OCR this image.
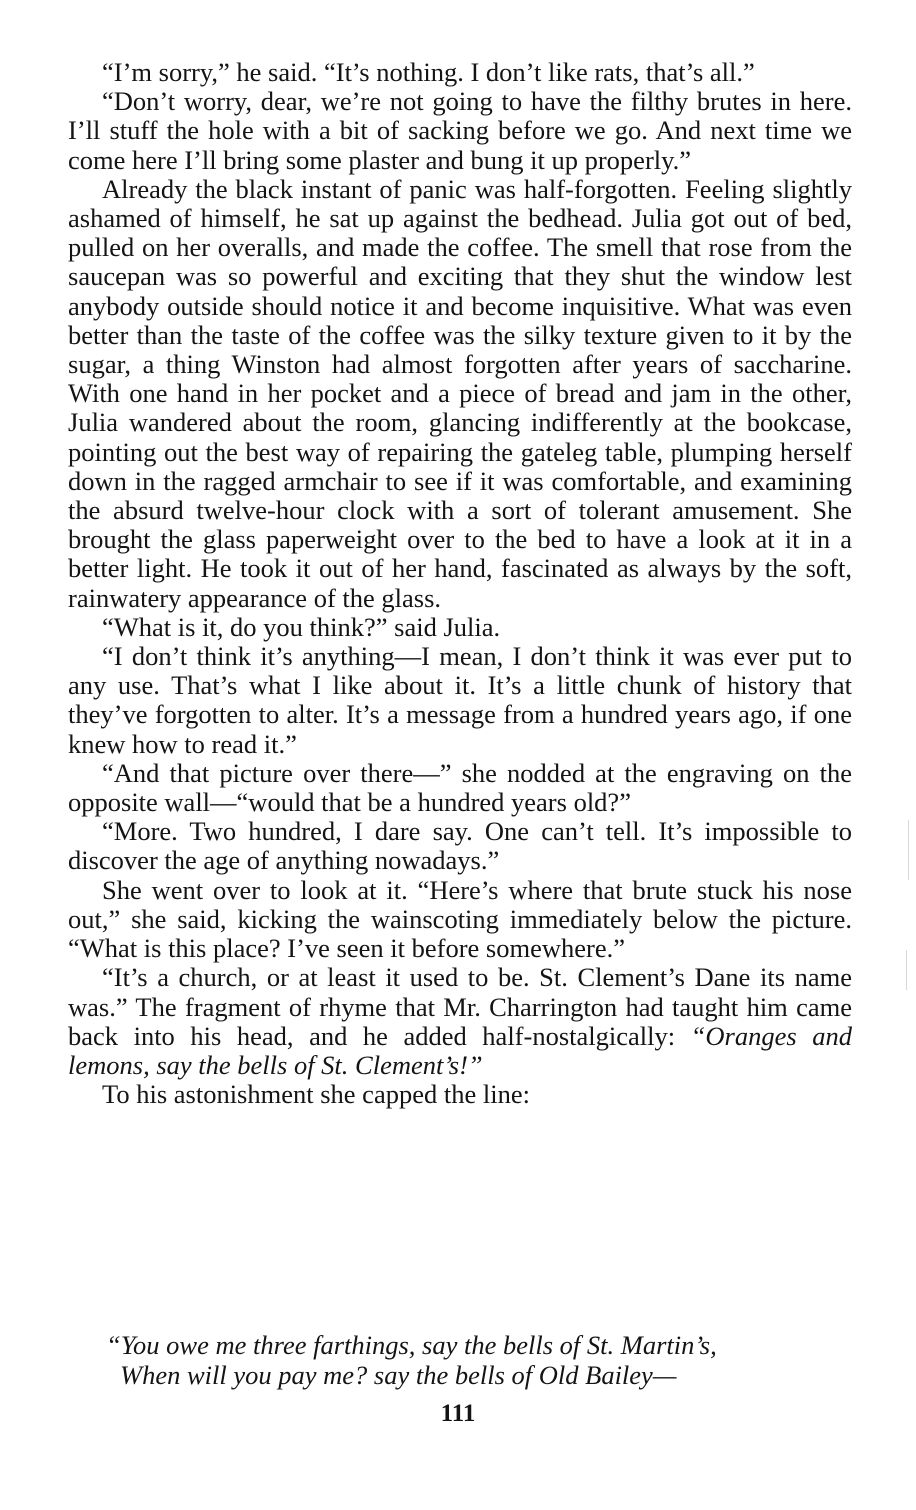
“I’m sorry,” he said. “It’s nothing. I don’t like rats, that’s all.”

“Don’t worry, dear, we’re not going to have the filthy brutes in here. I’ll stuff the hole with a bit of sacking before we go. And next time we come here I’ll bring some plaster and bung it up properly.”

Already the black instant of panic was half-forgotten. Feeling slightly ashamed of himself, he sat up against the bedhead. Julia got out of bed, pulled on her overalls, and made the coffee. The smell that rose from the saucepan was so powerful and exciting that they shut the window lest anybody outside should notice it and become inquisitive. What was even better than the taste of the coffee was the silky texture given to it by the sugar, a thing Winston had almost forgotten after years of saccharine. With one hand in her pocket and a piece of bread and jam in the other, Julia wandered about the room, glancing indifferently at the bookcase, pointing out the best way of repairing the gateleg table, plumping herself down in the ragged armchair to see if it was comfortable, and examining the absurd twelve-hour clock with a sort of tolerant amusement. She brought the glass paperweight over to the bed to have a look at it in a better light. He took it out of her hand, fascinated as always by the soft, rainwatery appearance of the glass.

“What is it, do you think?” said Julia.

“I don’t think it’s anything—I mean, I don’t think it was ever put to any use. That’s what I like about it. It’s a little chunk of history that they’ve forgotten to alter. It’s a message from a hundred years ago, if one knew how to read it.”

“And that picture over there—” she nodded at the engraving on the opposite wall—“would that be a hundred years old?”

“More. Two hundred, I dare say. One can’t tell. It’s impossible to discover the age of anything nowadays.”

She went over to look at it. “Here’s where that brute stuck his nose out,” she said, kicking the wainscoting immediately below the picture. “What is this place? I’ve seen it before somewhere.”

“It’s a church, or at least it used to be. St. Clement’s Dane its name was.” The fragment of rhyme that Mr. Charrington had taught him came back into his head, and he added half-nostalgically: “Oranges and lemons, say the bells of St. Clement’s!”

To his astonishment she capped the line:

“You owe me three farthings, say the bells of St. Martin’s,
When will you pay me? say the bells of Old Bailey—
111
